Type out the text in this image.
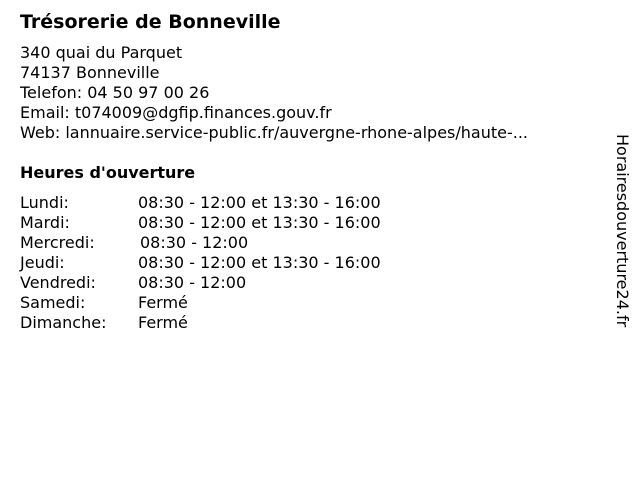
Trésorerie de Bonneville
340 quai du Parquet
74137 Bonneville
Telefon: 04 50 97 00 26
Email: t074009@dgfip.finances.gouv.fr
Web: lannuaire.service-public.fr/auvergne-rhone-alpes/haute-...
Heures d'ouverture
Lundi:	08:30 - 12:00 et 13:30 - 16:00
Mardi:	08:30 - 12:00 et 13:30 - 16:00
Mercredi:	08:30 - 12:00
Jeudi:	08:30 - 12:00 et 13:30 - 16:00
Vendredi:	08:30 - 12:00
Samedi:	Fermé
Dimanche: Fermé	Horairesdouverture24.fr
